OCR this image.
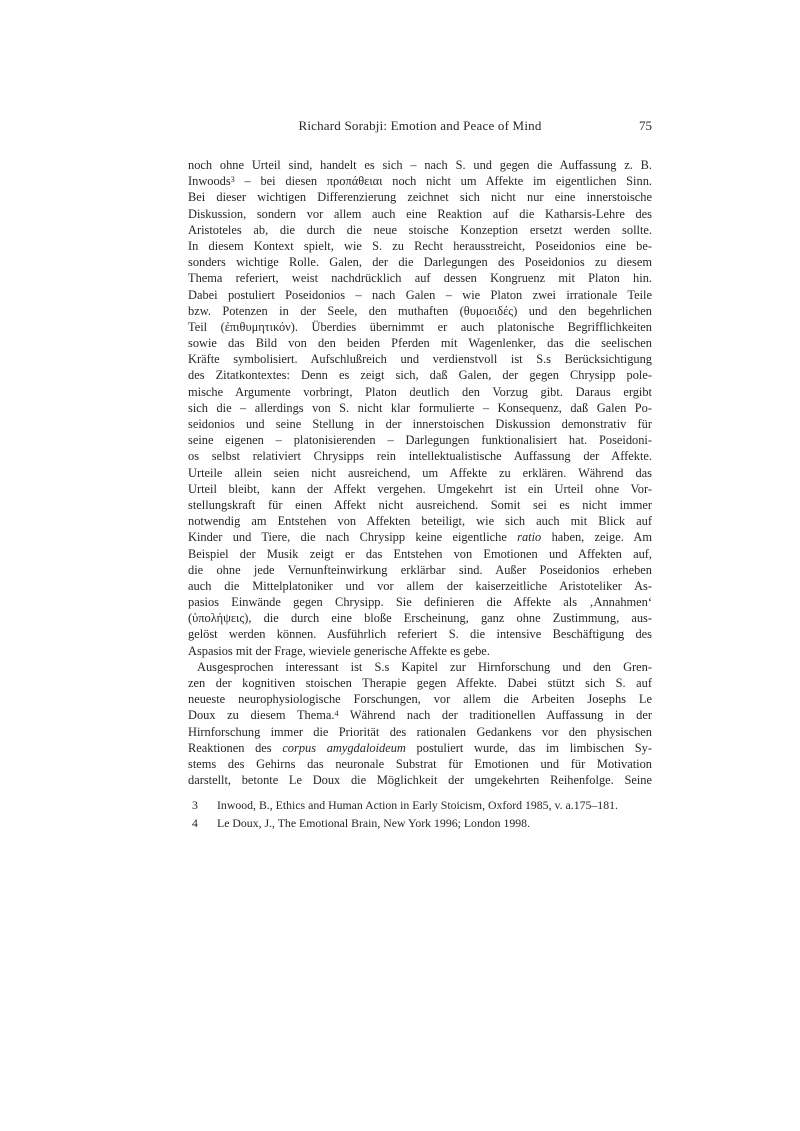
Richard Sorabji: Emotion and Peace of Mind	75
noch ohne Urteil sind, handelt es sich – nach S. und gegen die Auffassung z. B.
Inwoods$^3$ – bei diesen προπάθειαι noch nicht um Affekte im eigentlichen Sinn.
Bei dieser wichtigen Differenzierung zeichnet sich nicht nur eine innerstoische
Diskussion, sondern vor allem auch eine Reaktion auf die Katharsis-Lehre des
Aristoteles ab, die durch die neue stoische Konzeption ersetzt werden sollte.
In diesem Kontext spielt, wie S. zu Recht herausstreicht, Poseidonios eine be-
sonders wichtige Rolle. Galen, der die Darlegungen des Poseidonios zu diesem
Thema referiert, weist nachdrücklich auf dessen Kongruenz mit Platon hin.
Dabei postuliert Poseidonios – nach Galen – wie Platon zwei irrationale Teile
bzw. Potenzen in der Seele, den muthaften (θυμοειδές) und den begehrlichen
Teil (ἐπιθυμητικόν). Überdies übernimmt er auch platonische Begrifflichkeiten
sowie das Bild von den beiden Pferden mit Wagenlenker, das die seelischen
Kräfte symbolisiert. Aufschlußreich und verdienstvoll ist S.s Berücksichtigung
des Zitatkontextes: Denn es zeigt sich, daß Galen, der gegen Chrysipp pole-
mische Argumente vorbringt, Platon deutlich den Vorzug gibt. Daraus ergibt
sich die – allerdings von S. nicht klar formulierte – Konsequenz, daß Galen Po-
seidonios und seine Stellung in der innerstoischen Diskussion demonstrativ für
seine eigenen – platonisierenden – Darlegungen funktionalisiert hat. Poseidoni-
os selbst relativiert Chrysipps rein intellektualistische Auffassung der Affekte.
Urteile allein seien nicht ausreichend, um Affekte zu erklären. Während das
Urteil bleibt, kann der Affekt vergehen. Umgekehrt ist ein Urteil ohne Vor-
stellungskraft für einen Affekt nicht ausreichend. Somit sei es nicht immer
notwendig am Entstehen von Affekten beteiligt, wie sich auch mit Blick auf
Kinder und Tiere, die nach Chrysipp keine eigentliche ratio haben, zeige. Am
Beispiel der Musik zeigt er das Entstehen von Emotionen und Affekten auf,
die ohne jede Vernunfteinwirkung erklärbar sind. Außer Poseidonios erheben
auch die Mittelplatoniker und vor allem der kaiserzeitliche Aristoteliker As-
pasios Einwände gegen Chrysipp. Sie definieren die Affekte als ‚Annahmen‘
(ὑπολήψεις), die durch eine bloße Erscheinung, ganz ohne Zustimmung, aus-
gelöst werden können. Ausführlich referiert S. die intensive Beschäftigung des
Aspasios mit der Frage, wieviele generische Affekte es gebe.
Ausgesprochen interessant ist S.s Kapitel zur Hirnforschung und den Gren-
zen der kognitiven stoischen Therapie gegen Affekte. Dabei stützt sich S. auf
neueste neurophysiologische Forschungen, vor allem die Arbeiten Josephs Le
Doux zu diesem Thema.$^4$ Während nach der traditionellen Auffassung in der
Hirnforschung immer die Priorität des rationalen Gedankens vor den physischen
Reaktionen des corpus amygdaloideum postuliert wurde, das im limbischen Sy-
stems des Gehirns das neuronale Substrat für Emotionen und für Motivation
darstellt, betonte Le Doux die Möglichkeit der umgekehrten Reihenfolge. Seine
3	Inwood, B., Ethics and Human Action in Early Stoicism, Oxford 1985, v. a.175–181.
4	Le Doux, J., The Emotional Brain, New York 1996; London 1998.
